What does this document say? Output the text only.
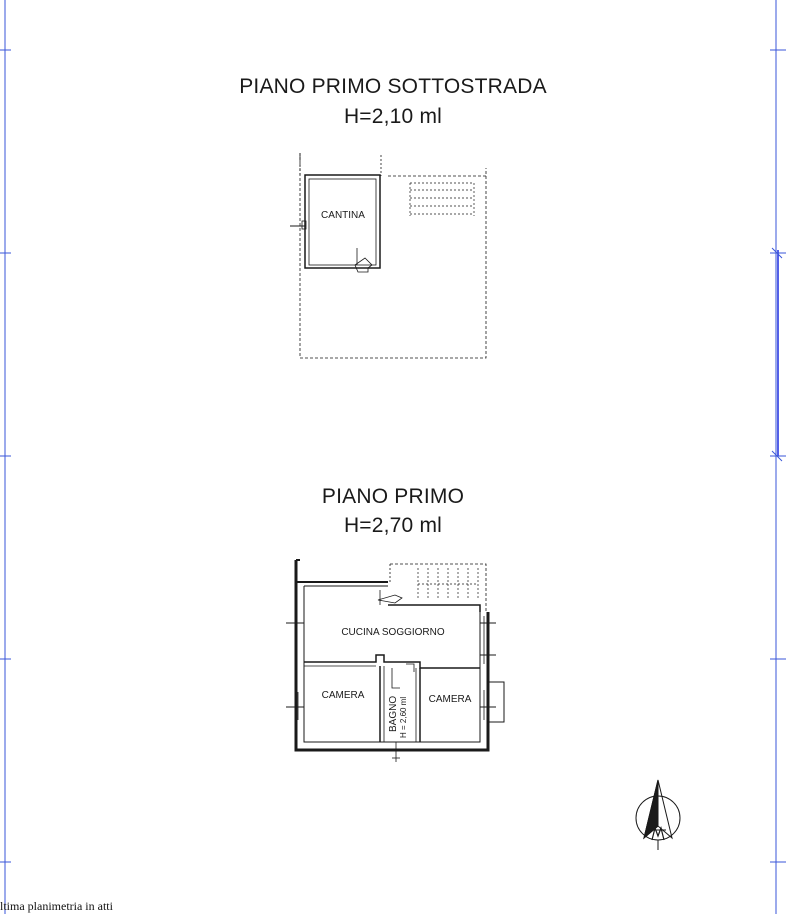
PIANO PRIMO SOTTOSTRADA
H=2,10 ml
PIANO PRIMO
H=2,70 ml
CANTINA
CUCINA SOGGIORNO
CAMERA	CAMERA
BAGNO H = 2,60 ml
ltima planimetria in atti
